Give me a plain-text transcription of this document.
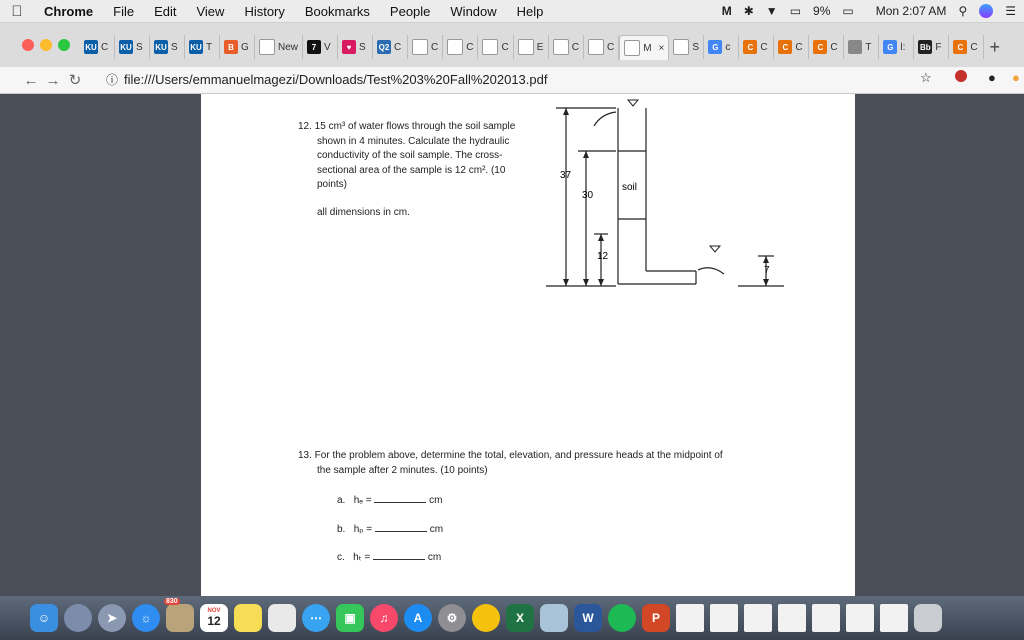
Chrome	File	Edit	View	History	Bookmarks	People	Window	Help	M ✱ ▼ ▭ 9% ▭ Mon 2:07 AM ⚲	☰
KU C KU S KU S KU T	B G	New	7 V	♥ S Q2 C	C	C	C	E	C	C	M ×	S	G c	C C	C C	C C	T	G l: Bb F	C C +
← → ↻	ⓘ file:///Users/emmanuelmagezi/Downloads/Test%203%20Fall%202013.pdf	☆	● ●
12. 15 cm³ of water flows through the soil sample
shown in 4 minutes. Calculate the hydraulic
conductivity of the soil sample. The cross-
sectional area of the sample is 12 cm². (10
points)
all dimensions in cm.
37
30
12
7
soil
13. For the problem above, determine the total, elevation, and pressure heads at the midpoint of
the sample after 2 minutes. (10 points)
a. hₑ =	cm
b. hₚ =	cm
c. hₜ =	cm
☺	➤	☼
830
NOV
12	⋯	▣	♫	A	⚙	X	W	P
